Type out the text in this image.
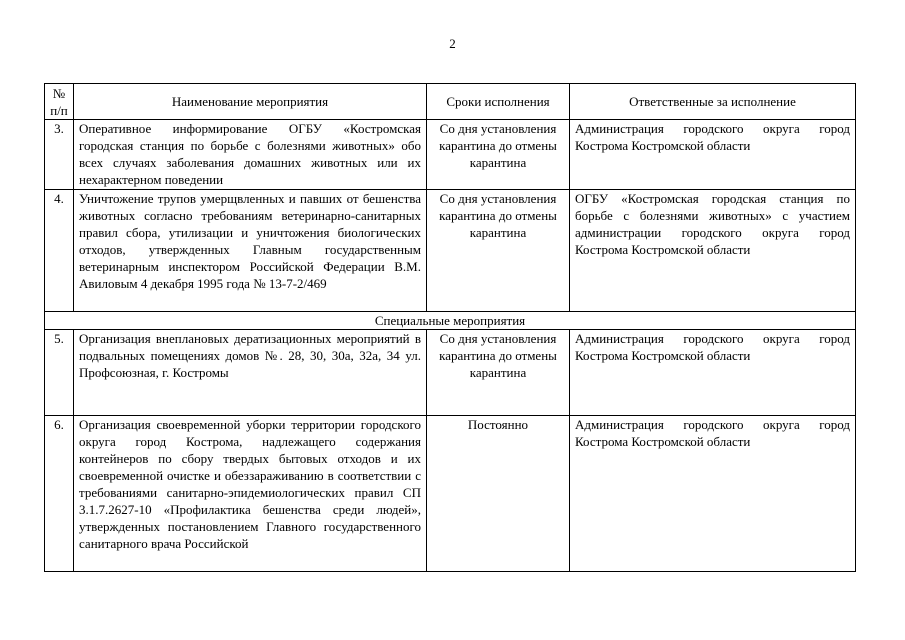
2
№ п/п	Наименование мероприятия	Сроки исполнения	Ответственные за исполнение
3.	Оперативное информирование ОГБУ «Костромская городская станция по борьбе с болезнями животных» обо всех случаях заболевания домашних животных или их нехарактерном поведении	Со дня установления карантина до отмены карантина	Администрация городского округа город Кострома Костромской области
4.	Уничтожение трупов умерщвленных и павших от бешенства животных согласно требованиям ветеринарно-санитарных правил сбора, утилизации и уничтожения биологических отходов, утвержденных Главным государственным ветеринарным инспектором Российской Федерации В.М. Авиловым 4 декабря 1995 года № 13-7-2/469	Со дня установления карантина до отмены карантина	ОГБУ «Костромская городская станция по борьбе с болезнями животных» с участием администрации городского округа город Кострома Костромской области
Специальные мероприятия			
5.	Организация внеплановых дератизационных мероприятий в подвальных помещениях домов №. 28, 30, 30а, 32а, 34 ул. Профсоюзная, г. Костромы	Со дня установления карантина до отмены карантина	Администрация городского округа город Кострома Костромской области
6.	Организация своевременной уборки территории городского округа город Кострома, надлежащего содержания контейнеров по сбору твердых бытовых отходов и их своевременной очистке и обеззараживанию в соответствии с требованиями санитарно-эпидемиологических правил СП 3.1.7.2627-10 «Профилактика бешенства среди людей», утвержденных постановлением Главного государственного санитарного врача Российской	Постоянно	Администрация городского округа город Кострома Костромской области
